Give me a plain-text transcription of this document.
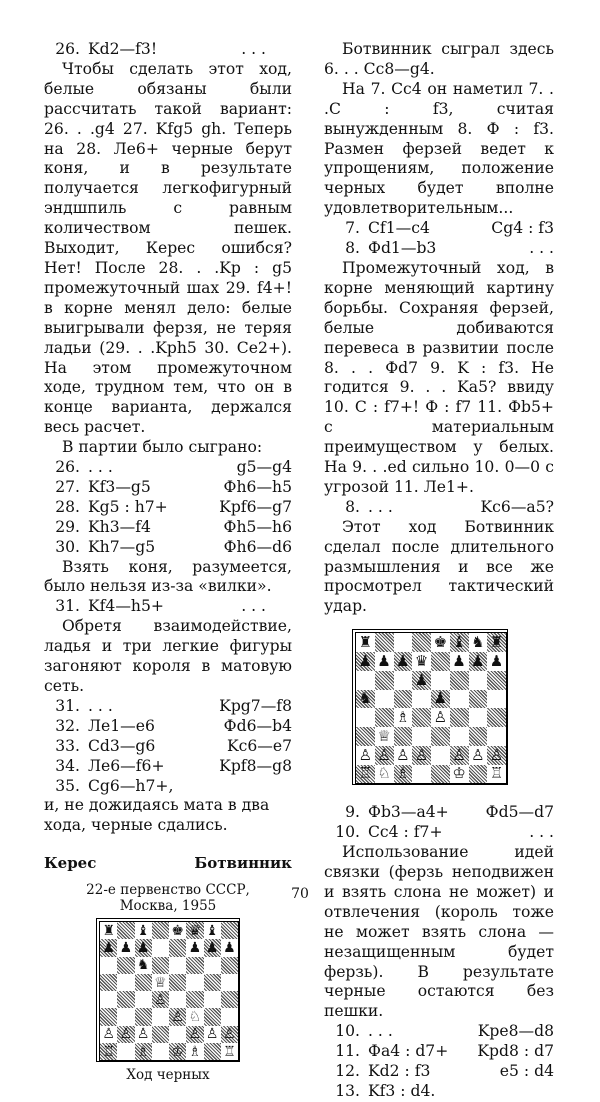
26. Kd2—f3!	. . .

Чтобы сделать этот ход, белые обязаны были рассчитать такой вариант: 26. . .g4 27. Kfg5 gh. Теперь на 28. Ле6+ черные берут коня, и в результате получается легкофигурный эндшпиль с равным количеством пешек. Выходит, Керес ошибся? Нет! После 28. . .Kp : g5 промежуточный шах 29. f4+! в корне менял дело: белые выигрывали ферзя, не теряя ладьи (29. . .Kph5 30. Ce2+). На этом промежуточном ходе, трудном тем, что он в конце варианта, держался весь расчет.

В партии было сыграно:

26. . . .	g5—g4
27. Kf3—g5	Фh6—h5
28. Kg5 : h7+	Kpf6—g7
29. Kh3—f4	Фh5—h6
30. Kh7—g5	Фh6—d6

Взять коня, разумеется, было нельзя из-за «вилки».

31. Kf4—h5+	. . .

Обретя взаимодействие, ладья и три легкие фигуры загоняют короля в матовую сеть.

31. . . .	Kpg7—f8
32. Ле1—е6	Фd6—b4
33. Cd3—g6	Kc6—e7
34. Ле6—f6+	Kpf8—g8
35. Cg6—h7+,

и, не дожидаясь мата в два хода, черные сдались.

Керес	Ботвинник
22-е первенство СССР,
Москва, 1955
♜ ♝ ♚ ♛ ♝
♟ ♟ ♟	♟ ♟ ♟
♞
♕
♙
♙ ♘
♙ ♙ ♙	♙ ♙ ♙
♖ ♗ ♔ ♗ ♖
Ход черных

Ботвинник сыграл здесь 6. . . Cc8—g4.

На 7. Cc4 он наметил 7. . .C : f3, считая вынужденным 8. Ф : f3. Размен ферзей ведет к упрощениям, положение черных будет вполне удовлетворительным...

7. Cf1—c4	Cg4 : f3
8. Фd1—b3	. . .

Промежуточный ход, в корне меняющий картину борьбы. Сохраняя ферзей, белые добиваются перевеса в развитии после 8. . . Фd7 9. K : f3. Не годится 9. . . Ka5? ввиду 10. C : f7+! Ф : f7 11. Фb5+ с материальным преимуществом у белых. На 9. . .ed сильно 10. 0—0 с угрозой 11. Ле1+.

8. . . .	Kc6—a5?

Этот ход Ботвинник сделал после длительного размышления и все же просмотрел тактический удар.

♜	♚ ♝ ♞ ♜
♟ ♟ ♟ ♛ ♟ ♟ ♟
♟
♞	♟
♗ ♙
♕
♙ ♙ ♙ ♙ ♙ ♙ ♙
♖ ♘ ♗	♔ ♖
9. Фb3—a4+ Фd5—d7
10. Cc4 : f7+	. . .

Использование идей связки (ферзь неподвижен и взять слона не может) и отвлечения (король тоже не может взять слона — незащищенным будет ферзь). В результате черные остаются без пешки.

10. . . .	Kpe8—d8
11. Фa4 : d7+ Kpd8 : d7
12. Kd2 : f3	e5 : d4
13. Kf3 : d4.
70
